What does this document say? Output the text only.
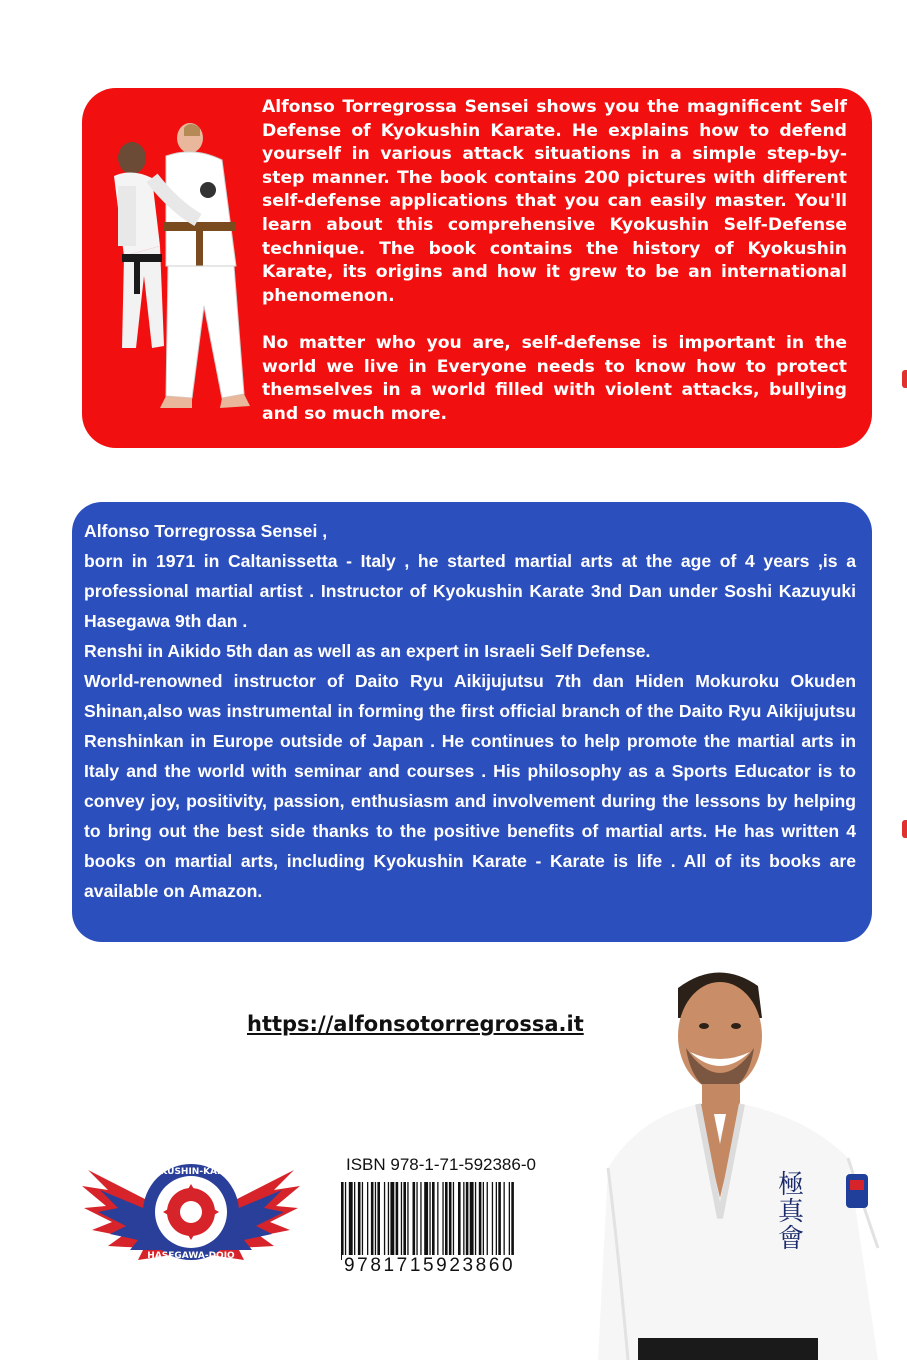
Alfonso Torregrossa Sensei shows you the magnificent Self Defense of Kyokushin Karate. He explains how to defend yourself in various attack situations in a simple step-by-step manner. The book contains 200 pictures with different self-defense applications that you can easily master. You'll learn about this comprehensive Kyokushin Self-Defense technique. The book contains the history of Kyokushin Karate, its origins and how it grew to be an international phenomenon.

No matter who you are, self-defense is important in the world we live in Everyone needs to know how to protect themselves in a world filled with violent attacks, bullying and so much more.

Alfonso Torregrossa Sensei ,
born in 1971 in Caltanissetta - Italy , he started martial arts at the age of 4 years ,is a professional martial artist . Instructor of Kyokushin Karate 3nd Dan under Soshi Kazuyuki Hasegawa 9th dan .
Renshi in Aikido 5th dan as well as an expert in Israeli Self Defense.
World-renowned instructor of Daito Ryu Aikijujutsu 7th dan Hiden Mokuroku Okuden Shinan,also was instrumental in forming the first official branch of the Daito Ryu Aikijujutsu Renshinkan in Europe outside of Japan . He continues to help promote the martial arts in Italy and the world with seminar and courses . His philosophy as a Sports Educator is to convey joy, positivity, passion, enthusiasm and involvement during the lessons by helping to bring out the best side thanks to the positive benefits of martial arts. He has written 4 books on martial arts, including Kyokushin Karate - Karate is life . All of its books are available on Amazon.
https://alfonsotorregrossa.it
KYOKUSHIN-KARATE
HASEGAWA-DOJO
ISBN 978-1-71-592386-0
9781715923860
極
真
會
